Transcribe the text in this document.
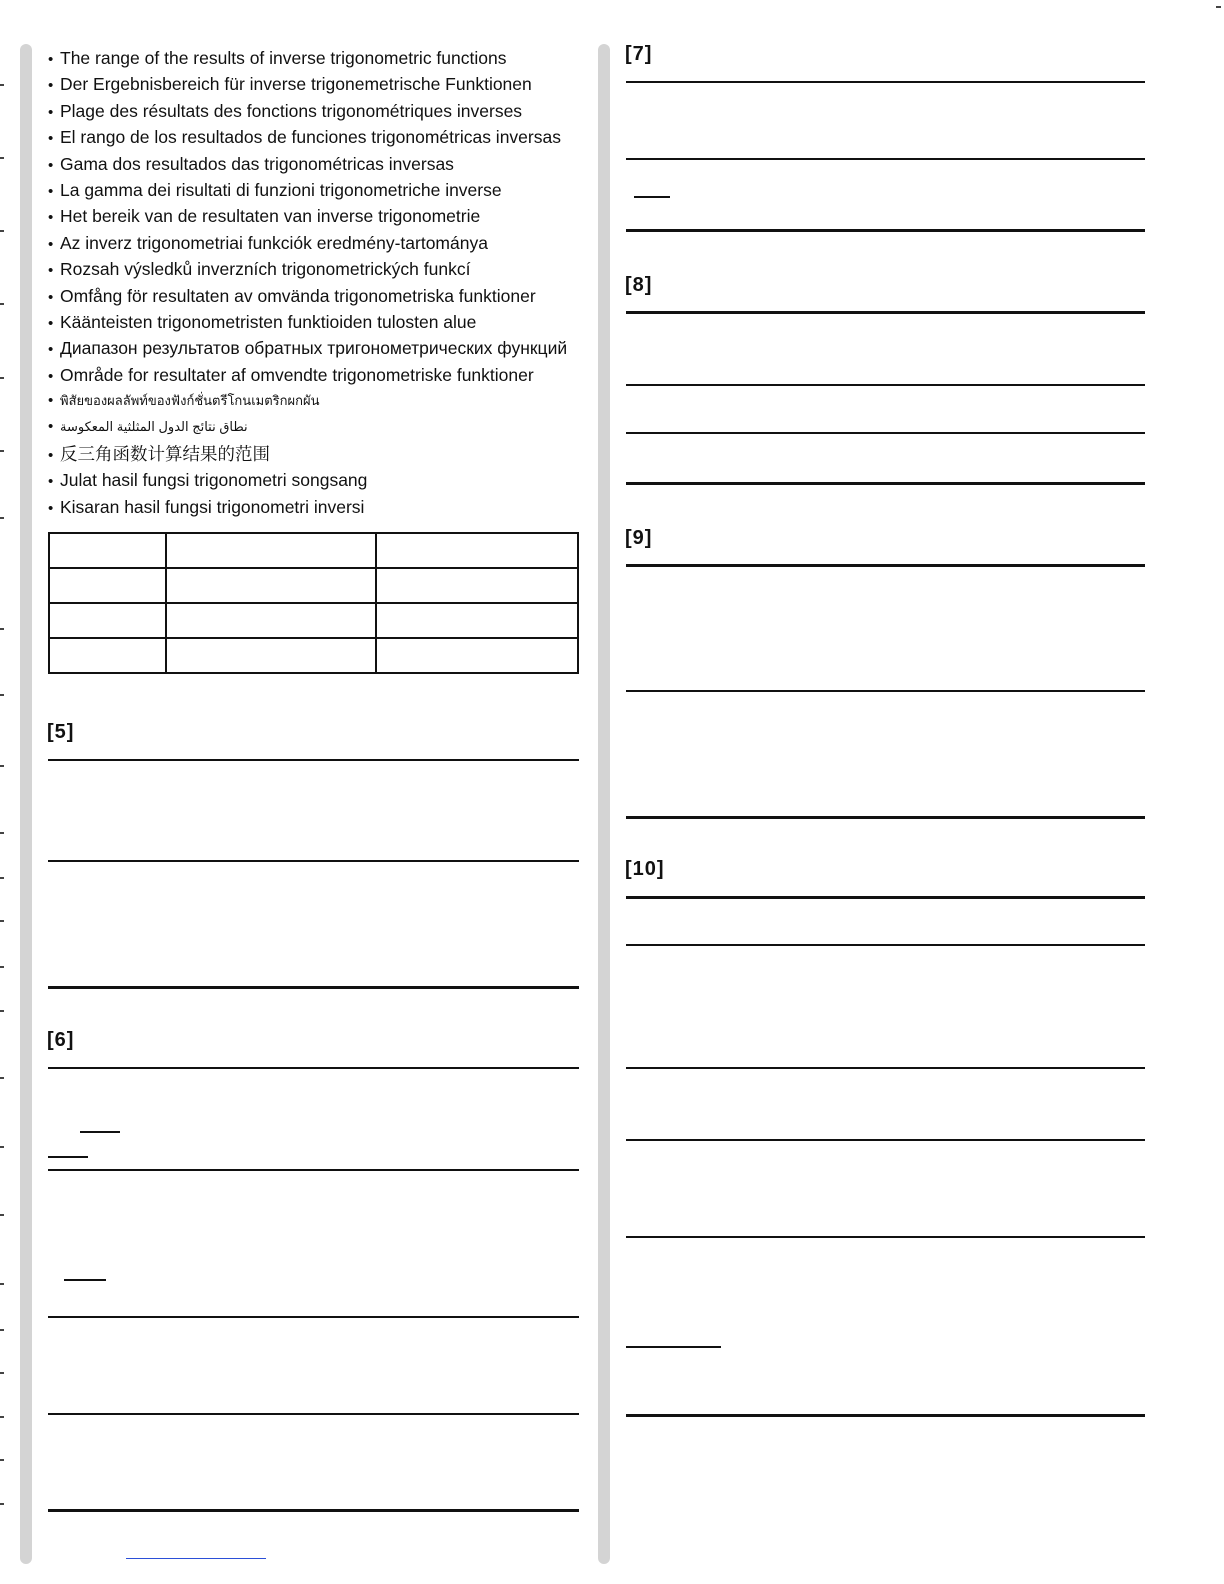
• The range of the results of inverse trigonometric functions
• Der Ergebnisbereich für inverse trigonemetrische Funktionen
• Plage des résultats des fonctions trigonométriques inverses
• El rango de los resultados de funciones trigonométricas inversas
• Gama dos resultados das trigonométricas inversas
• La gamma dei risultati di funzioni trigonometriche inverse
• Het bereik van de resultaten van inverse trigonometrie
• Az inverz trigonometriai funkciók eredmény-tartománya
• Rozsah výsledků inverzních trigonometrických funkcí
• Omfång för resultaten av omvända trigonometriska funktioner
• Käänteisten trigonometristen funktioiden tulosten alue
• Диапазон результатов обратных тригонометрических функций
• Område for resultater af omvendte trigonometriske funktioner
• พิสัยของผลลัพท์ของฟังก์ชั่นตรีโกนเมตริกผกผัน
• نطاق نتائج الدول المثلثية المعكوسة
• 反三角函数计算结果的范围
• Julat hasil fungsi trigonometri songsang
• Kisaran hasil fungsi trigonometri inversi

[5]
[6]
[7]
[8]
[9]
[10]
